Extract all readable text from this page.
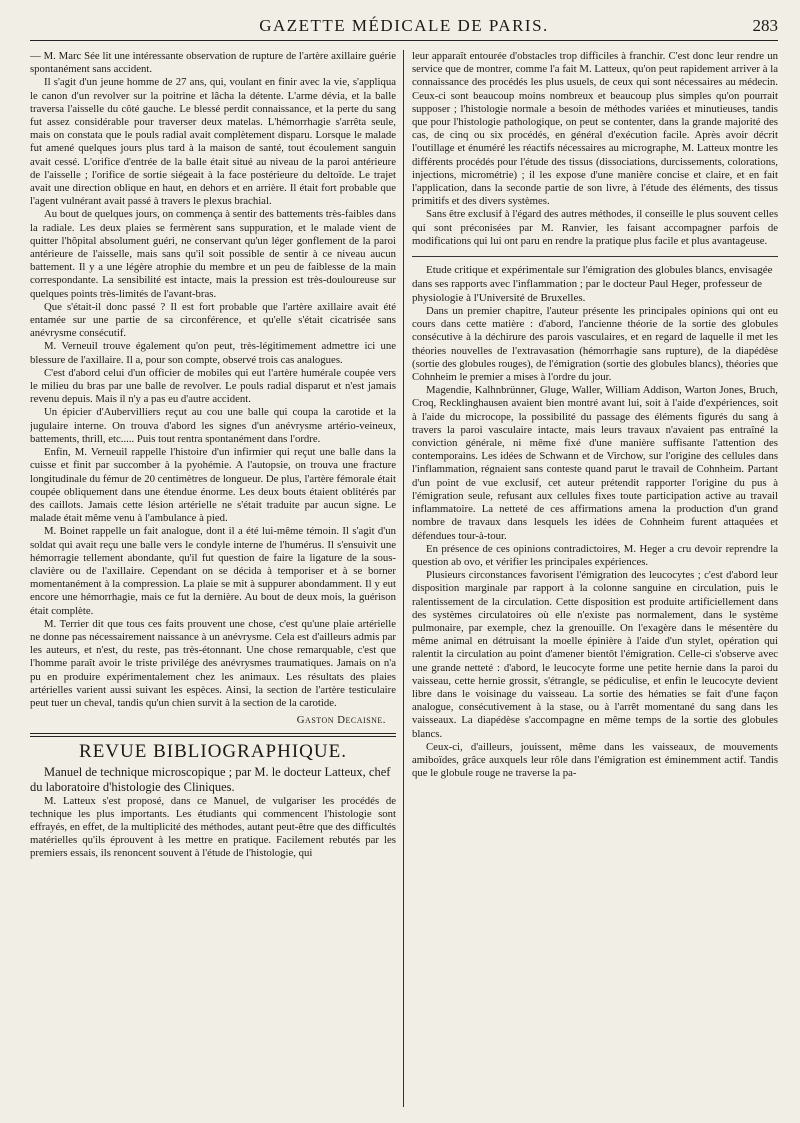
GAZETTE MÉDICALE DE PARIS.	283

— M. Marc Sée lit une intéressante observation de rupture de l'artère axillaire guérie spontanément sans accident.

Il s'agit d'un jeune homme de 27 ans, qui, voulant en finir avec la vie, s'appliqua le canon d'un revolver sur la poitrine et lâcha la détente. L'arme dévia, et la balle traversa l'aisselle du côté gauche. Le blessé perdit connaissance, et la perte du sang fut assez considérable pour traverser deux matelas. L'hémorrhagie s'arrêta seule, mais on constata que le pouls radial avait complètement disparu. Lorsque le malade fut amené quelques jours plus tard à la maison de santé, tout écoulement sanguin avait cessé. L'orifice d'entrée de la balle était situé au niveau de la paroi antérieure de l'aisselle ; l'orifice de sortie siégeait à la face postérieure du deltoïde. Le trajet avait une direction oblique en haut, en dehors et en arrière. Il était fort probable que l'agent vulnérant avait passé à travers le plexus brachial.

Au bout de quelques jours, on commença à sentir des battements très-faibles dans la radiale. Les deux plaies se fermèrent sans suppuration, et le malade vient de quitter l'hôpital absolument guéri, ne conservant qu'un léger gonflement de la paroi antérieure de l'aisselle, mais sans qu'il soit possible de sentir à ce niveau aucun battement. Il y a une légère atrophie du membre et un peu de faiblesse de la main correspondante. La sensibilité est intacte, mais la pression est très-douloureuse sur quelques points très-limités de l'avant-bras.

Que s'était-il donc passé ? Il est fort probable que l'artère axillaire avait été entamée sur une partie de sa circonférence, et qu'elle s'était cicatrisée sans anévrysme consécutif.

M. Verneuil trouve également qu'on peut, très-légitimement admettre ici une blessure de l'axillaire. Il a, pour son compte, observé trois cas analogues.

C'est d'abord celui d'un officier de mobiles qui eut l'artère humérale coupée vers le milieu du bras par une balle de revolver. Le pouls radial disparut et n'est jamais revenu depuis. Mais il n'y a pas eu d'autre accident.

Un épicier d'Aubervilliers reçut au cou une balle qui coupa la carotide et la jugulaire interne. On trouva d'abord les signes d'un anévrysme artério-veineux, battements, thrill, etc..... Puis tout rentra spontanément dans l'ordre.

Enfin, M. Verneuil rappelle l'histoire d'un infirmier qui reçut une balle dans la cuisse et finit par succomber à la pyohémie. A l'autopsie, on trouva une fracture longitudinale du fémur de 20 centimètres de longueur. De plus, l'artère fémorale était coupée obliquement dans une étendue énorme. Les deux bouts étaient oblitérés par des caillots. Jamais cette lésion artérielle ne s'était traduite par aucun signe. Le malade était même venu à l'ambulance à pied.

M. Boinet rappelle un fait analogue, dont il a été lui-même témoin. Il s'agit d'un soldat qui avait reçu une balle vers le condyle interne de l'humérus. Il s'ensuivit une hémorragie tellement abondante, qu'il fut question de faire la ligature de la sous-clavière ou de l'axillaire. Cependant on se décida à temporiser et à se borner momentanément à la compression. La plaie se mit à suppurer abondamment. Il y eut encore une hémorrhagie, mais ce fut la dernière. Au bout de deux mois, la guérison était complète.

M. Terrier dit que tous ces faits prouvent une chose, c'est qu'une plaie artérielle ne donne pas nécessairement naissance à un anévrysme. Cela est d'ailleurs admis par les auteurs, et n'est, du reste, pas très-étonnant. Une chose remarquable, c'est que l'homme paraît avoir le triste privilége des anévrysmes traumatiques. Jamais on n'a pu en produire expérimentalement chez les animaux. Les résultats des plaies artérielles varient aussi suivant les espèces. Ainsi, la section de l'artère testiculaire peut tuer un cheval, tandis qu'un chien survit à la section de la carotide.

Gaston Decaisne.
REVUE BIBLIOGRAPHIQUE.

Manuel de technique microscopique ; par M. le docteur Latteux, chef du laboratoire d'histologie des Cliniques.

M. Latteux s'est proposé, dans ce Manuel, de vulgariser les procédés de technique les plus importants. Les étudiants qui commencent l'histologie sont effrayés, en effet, de la multiplicité des méthodes, autant peut-être que des difficultés matérielles qu'ils éprouvent à les mettre en pratique. Facilement rebutés par les premiers essais, ils renoncent souvent à l'étude de l'histologie, qui

leur apparaît entourée d'obstacles trop difficiles à franchir. C'est donc leur rendre un service que de montrer, comme l'a fait M. Latteux, qu'on peut rapidement arriver à la connaissance des procédés les plus usuels, de ceux qui sont nécessaires au médecin. Ceux-ci sont beaucoup moins nombreux et beaucoup plus simples qu'on pourrait supposer ; l'histologie normale a besoin de méthodes variées et minutieuses, tandis que pour l'histologie pathologique, on peut se contenter, dans la grande majorité des cas, de cinq ou six procédés, en général d'exécution facile. Après avoir décrit l'outillage et énuméré les réactifs nécessaires au micrographe, M. Latteux montre les différents procédés pour l'étude des tissus (dissociations, durcissements, colorations, injections, micrométrie) ; il les expose d'une manière concise et claire, et en fait l'application, dans la seconde partie de son livre, à l'étude des éléments, des tissus primitifs et des divers systèmes.

Sans être exclusif à l'égard des autres méthodes, il conseille le plus souvent celles qui sont préconisées par M. Ranvier, les faisant accompagner parfois de modifications qui lui ont paru en rendre la pratique plus facile et plus avantageuse.

Etude critique et expérimentale sur l'émigration des globules blancs, envisagée dans ses rapports avec l'inflammation ; par le docteur Paul Heger, professeur de physiologie à l'Université de Bruxelles.

Dans un premier chapitre, l'auteur présente les principales opinions qui ont eu cours dans cette matière : d'abord, l'ancienne théorie de la sortie des globules consécutive à la déchirure des parois vasculaires, et en regard de laquelle il met les théories nouvelles de l'extravasation (hémorrhagie sans rupture), de la diapédèse (sortie des globules rouges), de l'émigration (sortie des globules blancs), théories que Cohnheim le premier a mises à l'ordre du jour.

Magendie, Kalhnbrünner, Gluge, Waller, William Addison, Warton Jones, Bruch, Croq, Recklinghausen avaient bien montré avant lui, soit à l'aide d'expériences, soit à l'aide du microcope, la possibilité du passage des éléments figurés du sang à travers la paroi vasculaire intacte, mais leurs travaux n'avaient pas entraîné la conviction générale, ni même fixé d'une manière suffisante l'attention des contemporains. Les idées de Schwann et de Virchow, sur l'origine des cellules dans l'inflammation, régnaient sans conteste quand parut le travail de Cohnheim. Partant d'un point de vue exclusif, cet auteur prétendit rapporter l'origine du pus à l'émigration seule, refusant aux cellules fixes toute participation active au travail inflammatoire. La netteté de ces affirmations amena la production d'un grand nombre de travaux dans lesquels les idées de Cohnheim furent attaquées et défendues tour-à-tour.

En présence de ces opinions contradictoires, M. Heger a cru devoir reprendre la question ab ovo, et vérifier les principales expériences.

Plusieurs circonstances favorisent l'émigration des leucocytes ; c'est d'abord leur disposition marginale par rapport à la colonne sanguine en circulation, puis le ralentissement de la circulation. Cette disposition est produite artificiellement dans des systèmes circulatoires où elle n'existe pas normalement, dans le système pulmonaire, par exemple, chez la grenouille. On l'exagère dans le mésentère du même animal en détruisant la moelle épinière à l'aide d'un stylet, opération qui ralentit la circulation au point d'amener bientôt l'émigration. Celle-ci s'observe avec une grande netteté : d'abord, le leucocyte forme une petite hernie dans la paroi du vaisseau, cette hernie grossit, s'étrangle, se pédiculise, et enfin le leucocyte devient libre dans le voisinage du vaisseau. La sortie des hématies se fait d'une façon analogue, consécutivement à la stase, ou à l'arrêt momentané du sang dans les vaisseaux. La diapédèse s'accompagne en même temps de la sortie des globules blancs.

Ceux-ci, d'ailleurs, jouissent, même dans les vaisseaux, de mouvements amiboïdes, grâce auxquels leur rôle dans l'émigration est éminemment actif. Tandis que le globule rouge ne traverse la pa-
